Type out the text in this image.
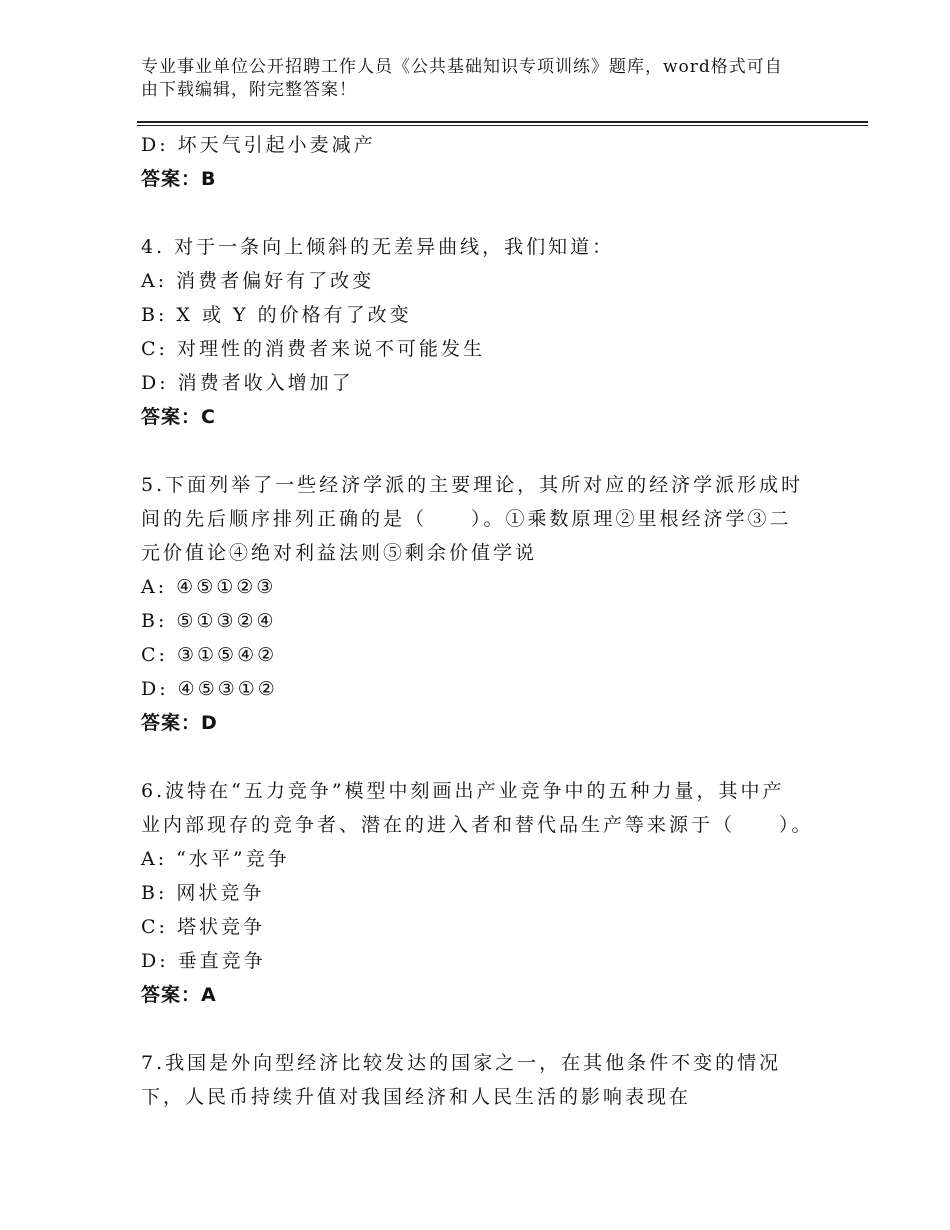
专业事业单位公开招聘工作人员《公共基础知识专项训练》题库，word格式可自
由下载编辑，附完整答案！
D: 坏天气引起小麦减产
答案：B
4. 对于一条向上倾斜的无差异曲线，我们知道：
A: 消费者偏好有了改变
B: X 或 Y 的价格有了改变
C: 对理性的消费者来说不可能发生
D: 消费者收入增加了
答案：C
5.下面列举了一些经济学派的主要理论，其所对应的经济学派形成时
间的先后顺序排列正确的是（　　）。①乘数原理②里根经济学③二
元价值论④绝对利益法则⑤剩余价值学说
A: ④⑤①②③
B: ⑤①③②④
C: ③①⑤④②
D: ④⑤③①②
答案：D
6.波特在“五力竞争”模型中刻画出产业竞争中的五种力量，其中产
业内部现存的竞争者、潜在的进入者和替代品生产等来源于（　　）。
A: “水平”竞争
B: 网状竞争
C: 塔状竞争
D: 垂直竞争
答案：A
7.我国是外向型经济比较发达的国家之一，在其他条件不变的情况
下，人民币持续升值对我国经济和人民生活的影响表现在
